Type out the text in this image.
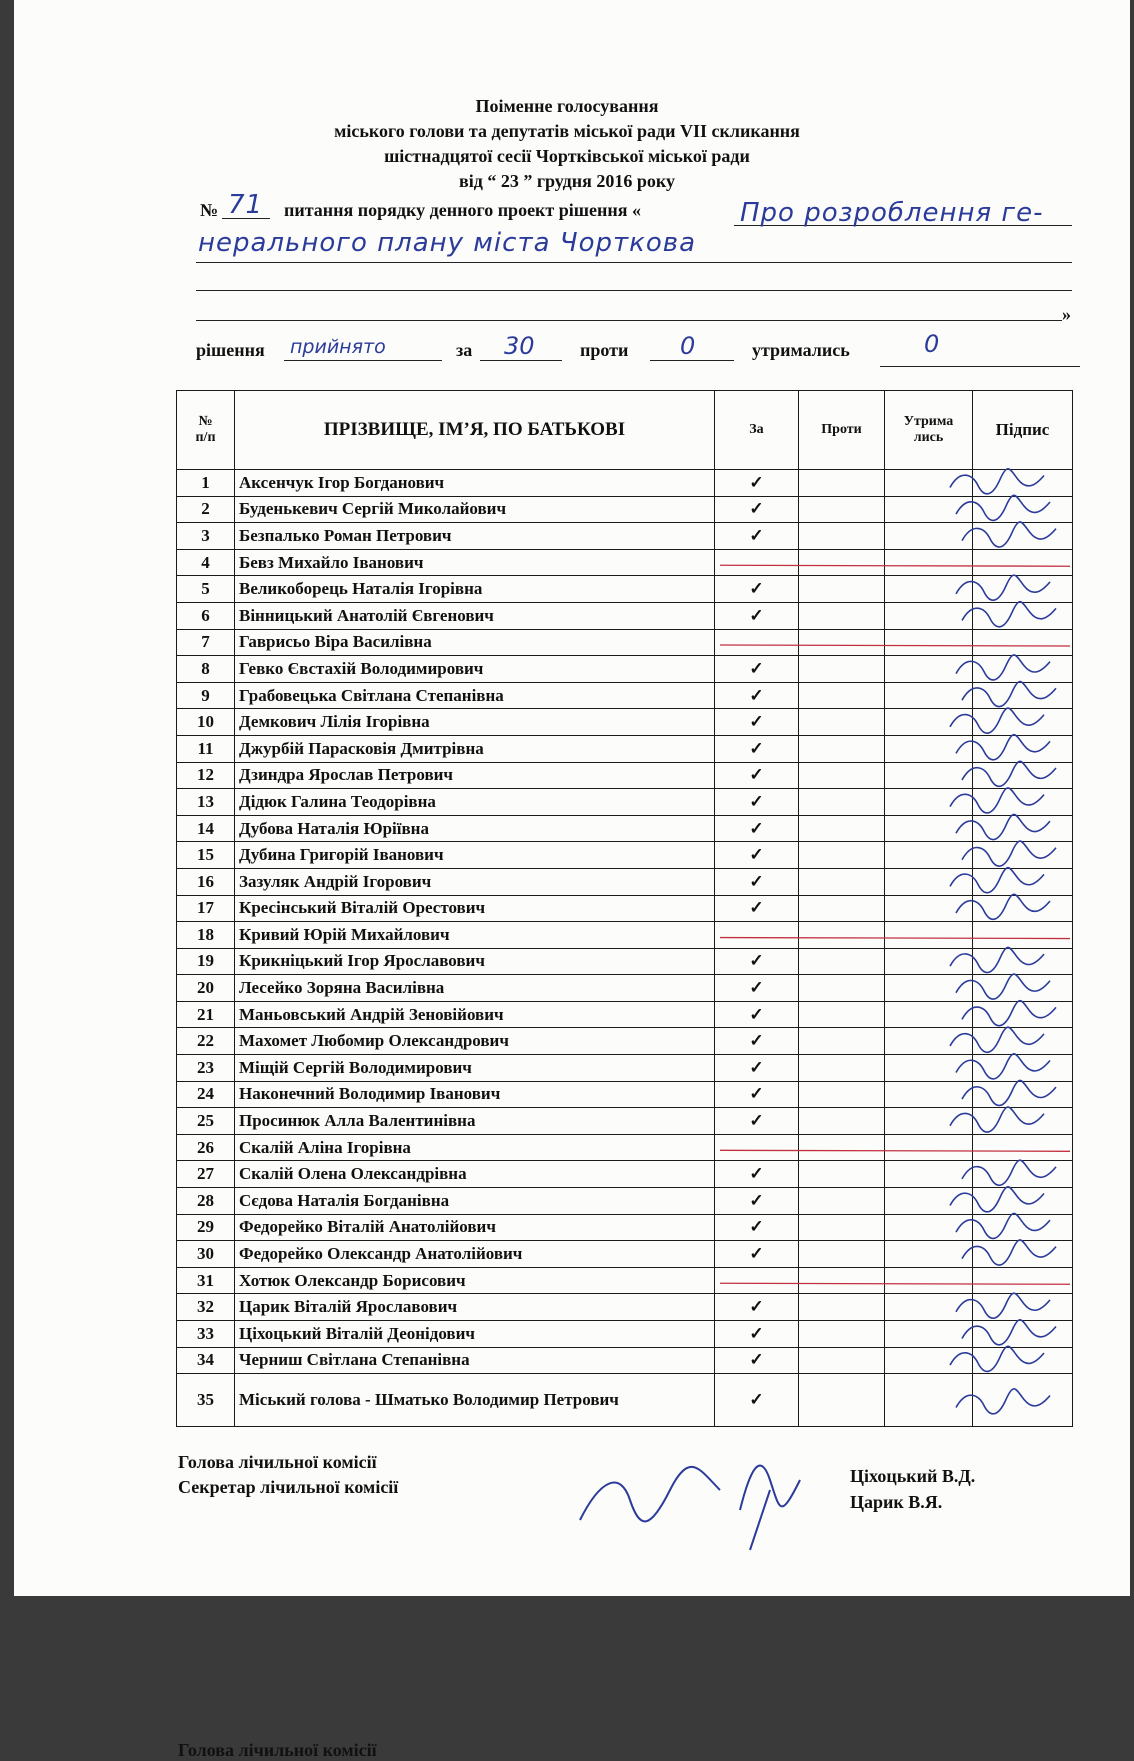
Поіменне голосування
міського голови та депутатів міської ради VII скликання
шістнадцятої сесії Чортківської міської ради
від “ 23 ” грудня 2016 року
№ 71 питання порядку денного проект рішення «	Про розроблення ге-
нерального плану міста Чорткова
»
рішення прийнято	за 30	проти 0	утримались	0
№
п/п	ПРІЗВИЩЕ, ІМ’Я, ПО БАТЬКОВІ	За	Проти	Утрима
лись	Підпис
1	Аксенчук Ігор Богданович	✓			
2	Буденькевич Сергій Миколайович	✓			
3	Безпалько Роман Петрович	✓			
4	Бевз Михайло Іванович				
5	Великоборець Наталія Ігорівна	✓			
6	Вінницький Анатолій Євгенович	✓			
7	Гаврисьо Віра Василівна				
8	Гевко Євстахій Володимирович	✓			
9	Грабовецька Світлана Степанівна	✓			
10	Демкович Лілія Ігорівна	✓			
11	Джурбій Парасковія Дмитрівна	✓			
12	Дзиндра Ярослав Петрович	✓			
13	Дідюк Галина Теодорівна	✓			
14	Дубова Наталія Юріївна	✓			
15	Дубина Григорій Іванович	✓			
16	Зазуляк Андрій Ігорович	✓			
17	Кресінський Віталій Орестович	✓			
18	Кривий Юрій Михайлович				
19	Крикніцький Ігор Ярославович	✓			
20	Лесейко Зоряна Василівна	✓			
21	Маньовський Андрій Зеновійович	✓			
22	Махомет Любомир Олександрович	✓			
23	Міщій Сергій Володимирович	✓			
24	Наконечний Володимир Іванович	✓			
25	Просинюк Алла Валентинівна	✓			
26	Скалій Аліна Ігорівна				
27	Скалій Олена Олександрівна	✓			
28	Сєдова Наталія Богданівна	✓			
29	Федорейко Віталій Анатолійович	✓			
30	Федорейко Олександр Анатолійович	✓			
31	Хотюк Олександр Борисович				
32	Царик Віталій Ярославович	✓			
33	Ціхоцький Віталій Деонідович	✓			
34	Черниш Світлана Степанівна	✓			
35	Міський голова - Шматько Володимир Петрович	✓			
Голова лічильної комісії
Голова лічильної комісії
Секретар лічильної комісії
Ціхоцький В.Д.
Царик В.Я.
